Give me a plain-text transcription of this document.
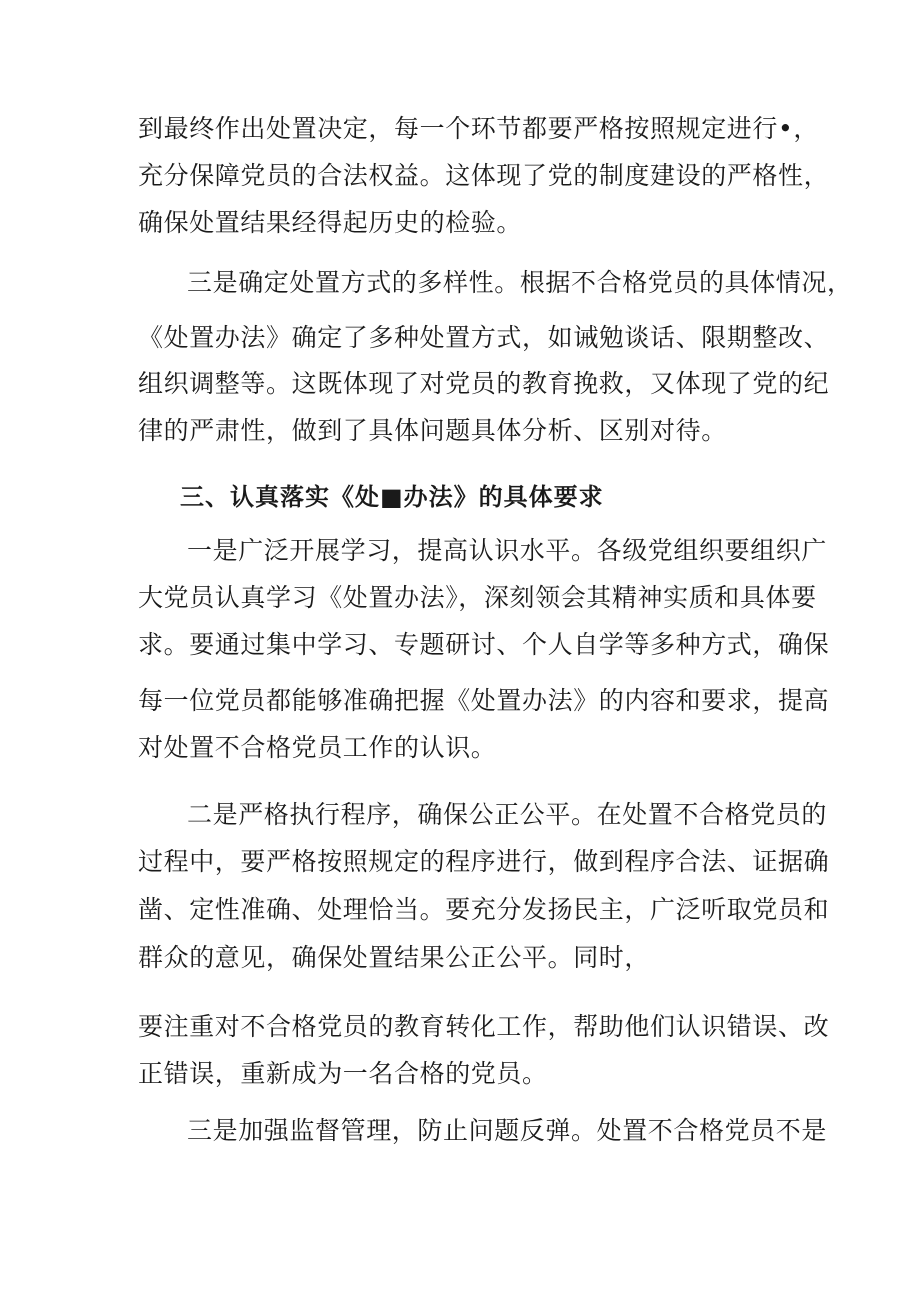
到最终作出处置决定，每一个环节都要严格按照规定进行•，
充分保障党员的合法权益。这体现了党的制度建设的严格性，
确保处置结果经得起历史的检验。
三是确定处置方式的多样性。根据不合格党员的具体情况，
《处置办法》确定了多种处置方式，如诫勉谈话、限期整改、
组织调整等。这既体现了对党员的教育挽救，又体现了党的纪
律的严肃性，做到了具体问题具体分析、区别对待。
三、认真落实《处■办法》的具体要求
一是广泛开展学习，提高认识水平。各级党组织要组织广
大党员认真学习《处置办法》，深刻领会其精神实质和具体要
求。要通过集中学习、专题研讨、个人自学等多种方式，确保
每一位党员都能够准确把握《处置办法》的内容和要求，提高
对处置不合格党员工作的认识。
二是严格执行程序，确保公正公平。在处置不合格党员的
过程中，要严格按照规定的程序进行，做到程序合法、证据确
凿、定性准确、处理恰当。要充分发扬民主，广泛听取党员和
群众的意见，确保处置结果公正公平。同时，
要注重对不合格党员的教育转化工作，帮助他们认识错误、改
正错误，重新成为一名合格的党员。
三是加强监督管理，防止问题反弹。处置不合格党员不是
